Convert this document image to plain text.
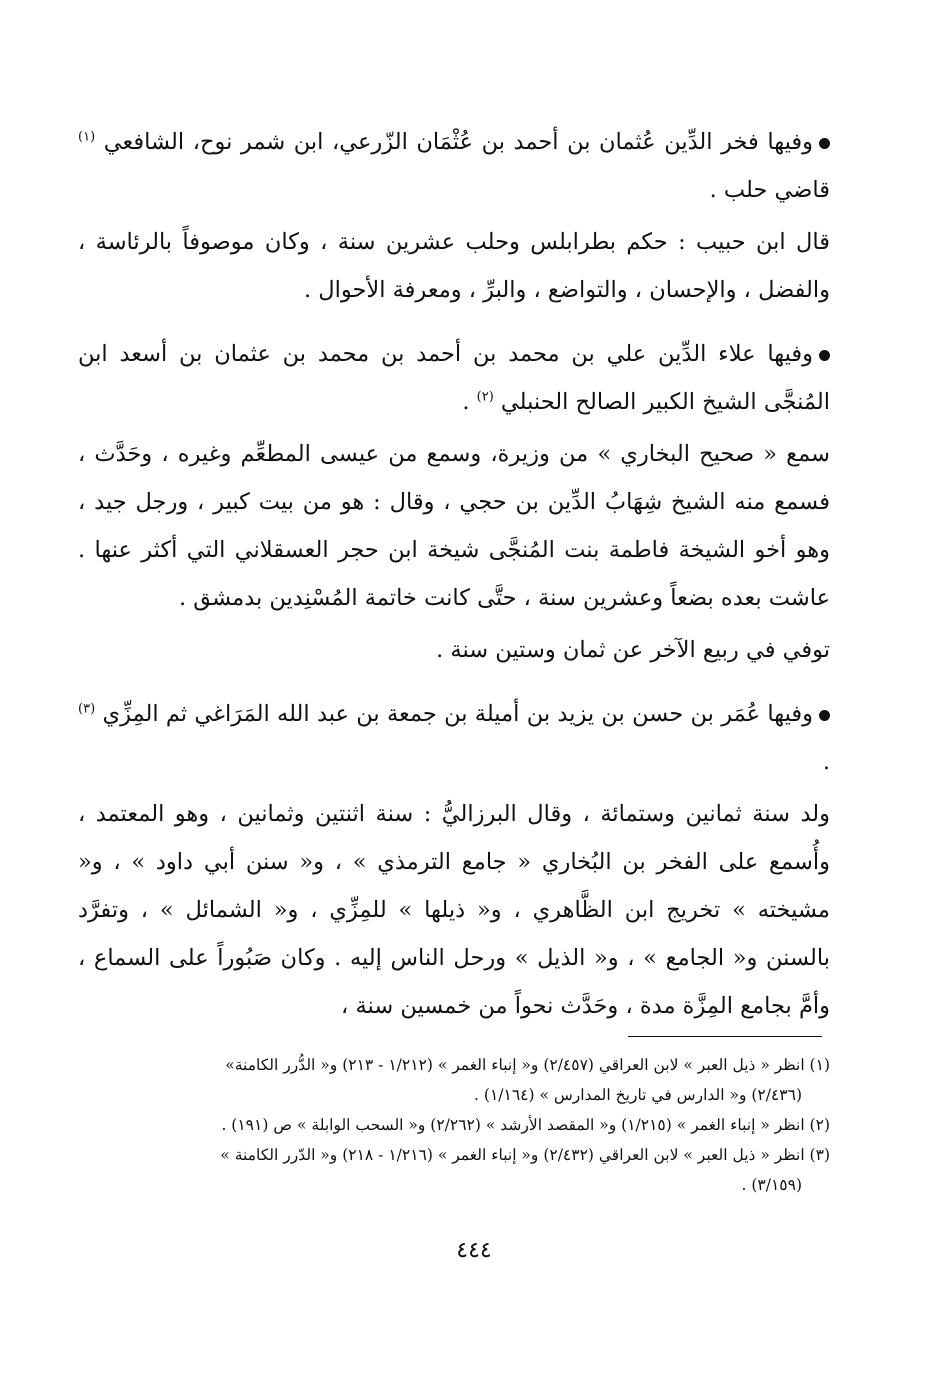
وفيها فخر الدِّين عُثمان بن أحمد بن عُثْمَان الزّرعي، ابن شمر نوح، الشافعي $^{(١)}$ قاضي حلب .

قال ابن حبيب : حكم بطرابلس وحلب عشرين سنة ، وكان موصوفاً بالرئاسة ، والفضل ، والإحسان ، والتواضع ، والبرِّ ، ومعرفة الأحوال .

وفيها علاء الدِّين علي بن محمد بن أحمد بن محمد بن عثمان بن أسعد ابن المُنجَّى الشيخ الكبير الصالح الحنبلي $^{(٢)}$ .

سمع « صحيح البخاري » من وزيرة، وسمع من عيسى المطعِّم وغيره ، وحَدَّث ، فسمع منه الشيخ شِهَابُ الدِّين بن حجي ، وقال : هو من بيت كبير ، ورجل جيد ، وهو أخو الشيخة فاطمة بنت المُنجَّى شيخة ابن حجر العسقلاني التي أكثر عنها . عاشت بعده بضعاً وعشرين سنة ، حتَّى كانت خاتمة المُسْنِدين بدمشق .

توفي في ربيع الآخر عن ثمان وستين سنة .

وفيها عُمَر بن حسن بن يزيد بن أميلة بن جمعة بن عبد الله المَرَاغي ثم المِزِّي $^{(٣)}$ .

ولد سنة ثمانين وستمائة ، وقال البرزاليُّ : سنة اثنتين وثمانين ، وهو المعتمد ، وأُسمع على الفخر بن البُخاري « جامع الترمذي » ، و« سنن أبي داود » ، و« مشيخته » تخريج ابن الظَّاهري ، و« ذيلها » للمِزِّي ، و« الشمائل » ، وتفرَّد بالسنن و« الجامع » ، و« الذيل » ورحل الناس إليه . وكان صَبُوراً على السماع ، وأمَّ بجامع المِزَّة مدة ، وحَدَّث نحواً من خمسين سنة ،

(١) انظر « ذيل العبر » لابن العراقي (٢/٤٥٧) و« إنباء الغمر » (١/٢١٢ - ٢١٣) و« الدُّرر الكامنة»

(٢/٤٣٦) و« الدارس في تاريخ المدارس » (١/١٦٤) .

(٢) انظر « إنباء الغمر » (١/٢١٥) و« المقصد الأرشد » (٢/٢٦٢) و« السحب الوابلة » ص (١٩١) .

(٣) انظر « ذيل العبر » لابن العراقي (٢/٤٣٢) و« إنباء الغمر » (١/٢١٦ - ٢١٨) و« الدّرر الكامنة »

(٣/١٥٩) .

٤٤٤
